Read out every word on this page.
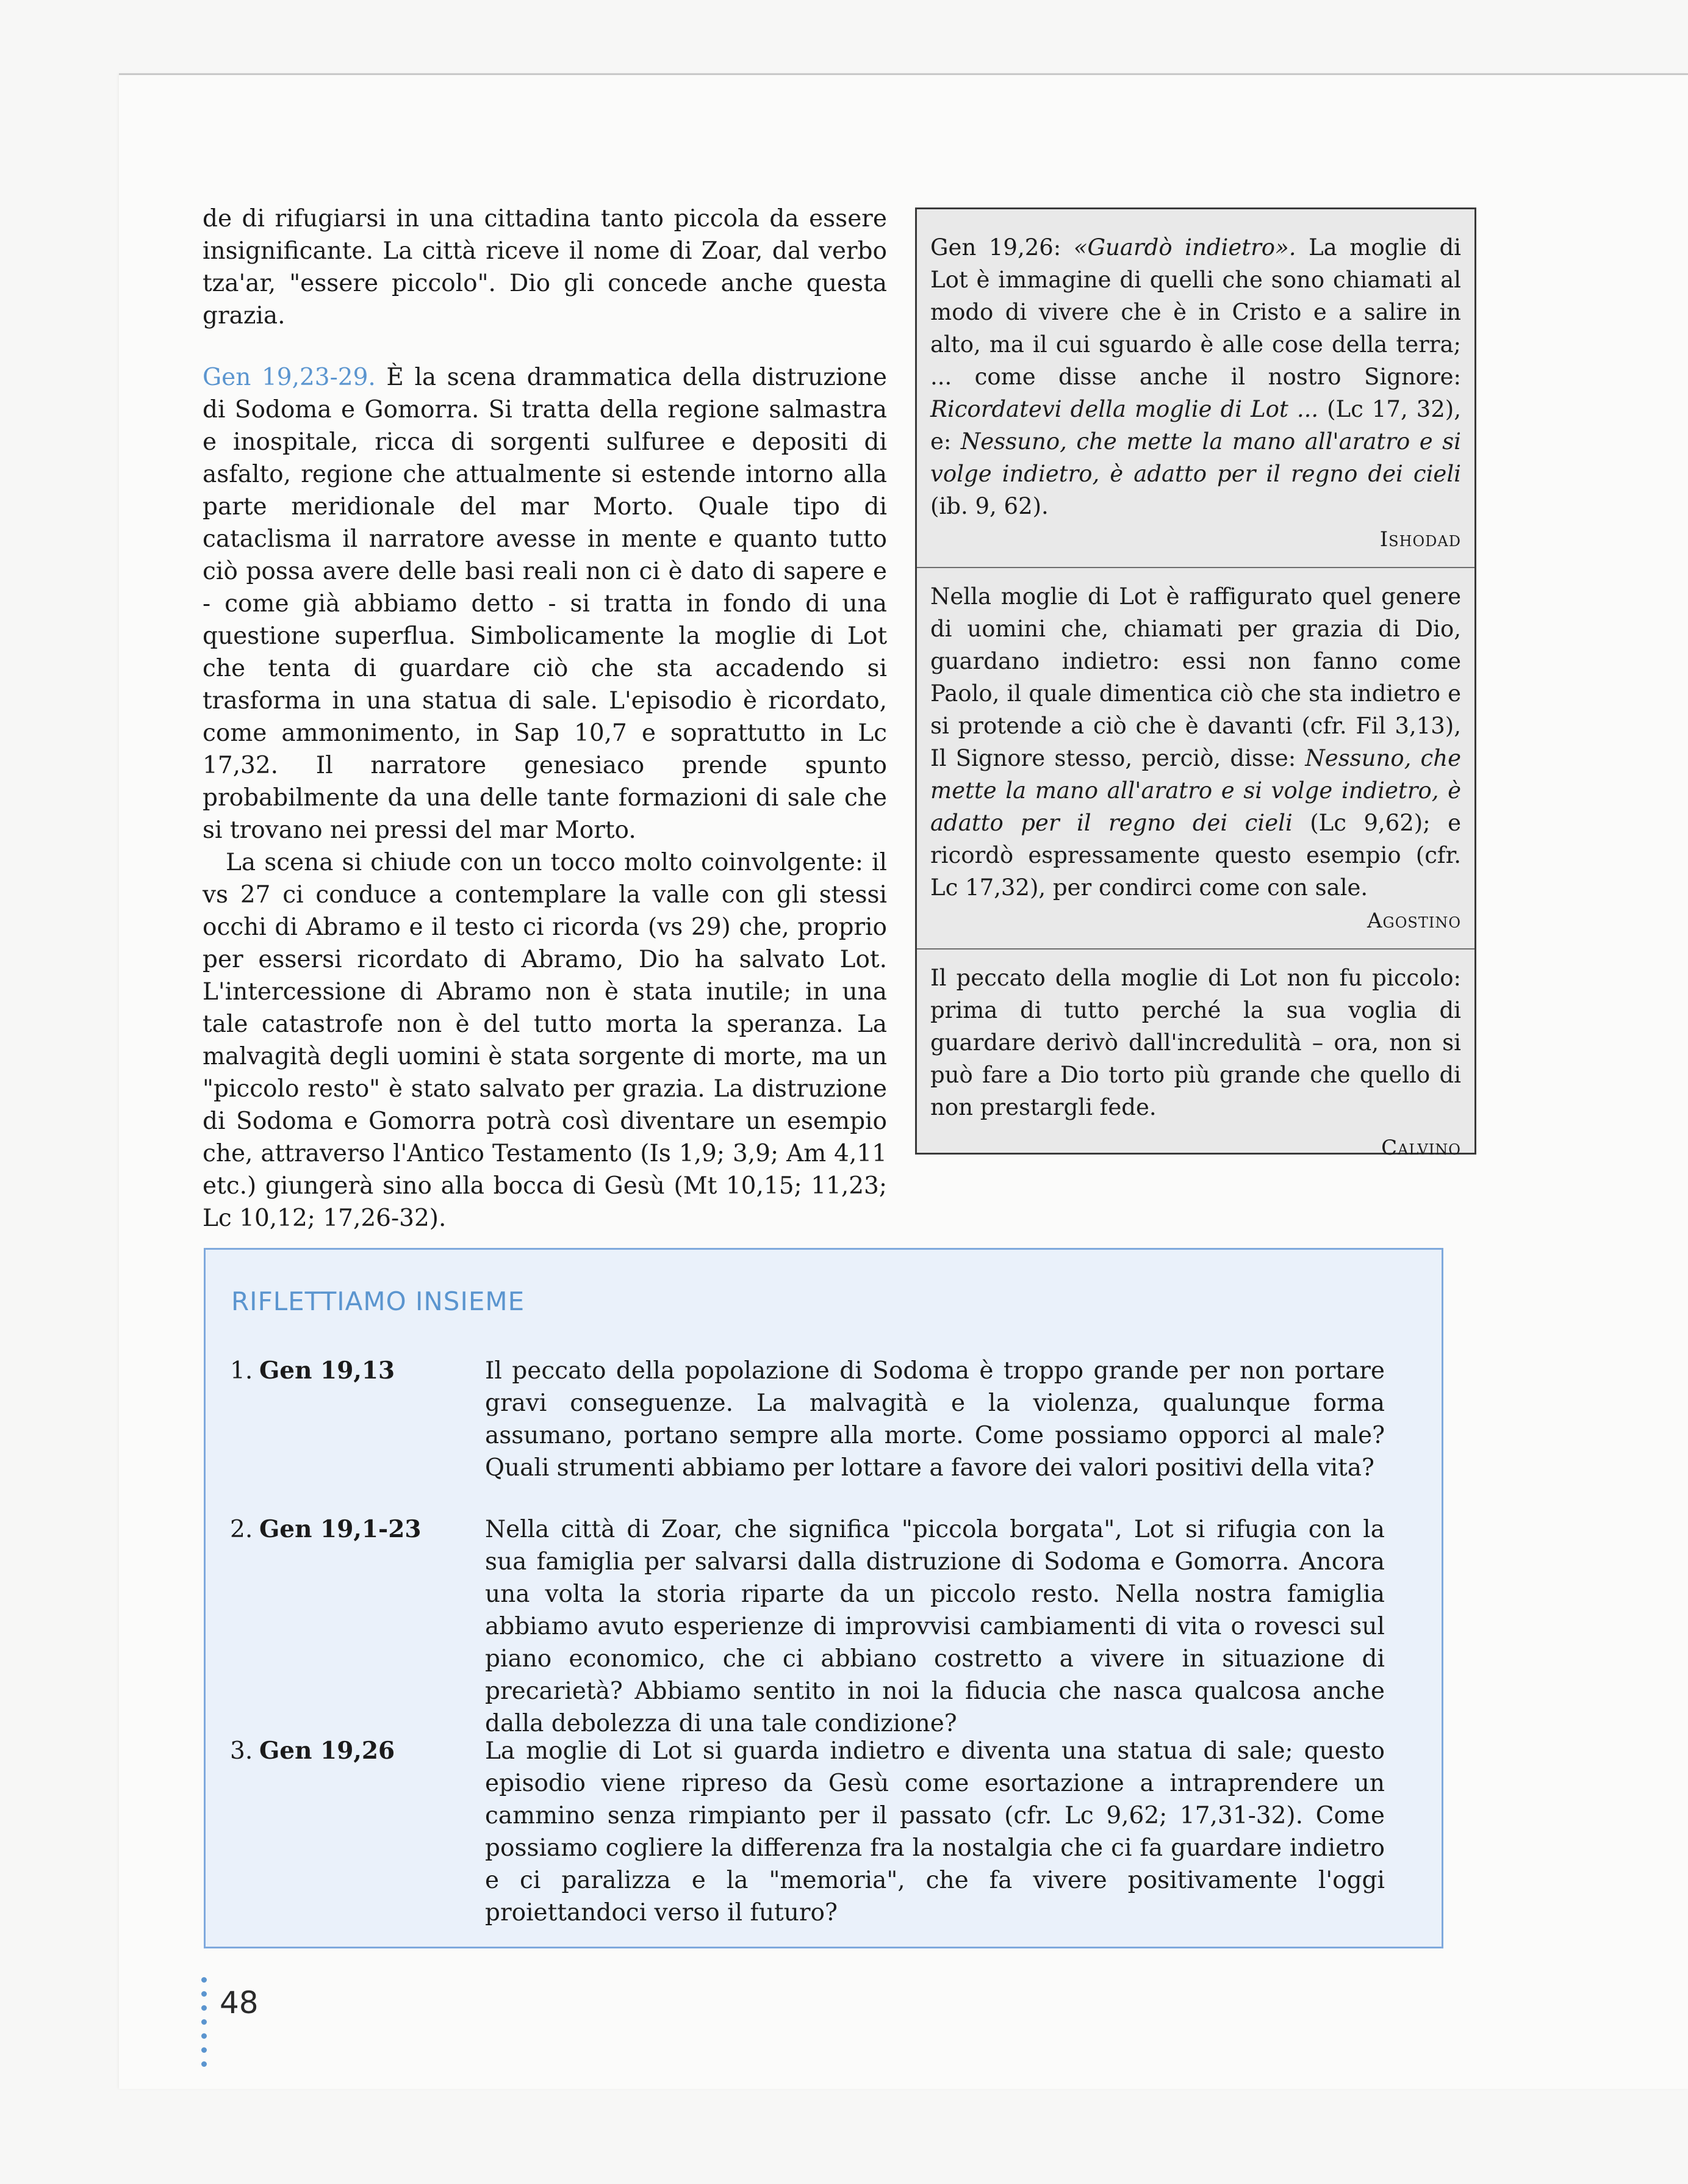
de di rifugiarsi in una cittadina tanto piccola da essere insignificante. La città riceve il nome di Zoar, dal verbo tza'ar, "essere piccolo". Dio gli concede anche questa grazia.

Gen 19,23-29. È la scena drammatica della distruzione di Sodoma e Gomorra. Si tratta della regione salmastra e inospitale, ricca di sorgenti sulfuree e depositi di asfalto, regione che attualmente si estende intorno alla parte meridionale del mar Morto. Quale tipo di cataclisma il narratore avesse in mente e quanto tutto ciò possa avere delle basi reali non ci è dato di sapere e - come già abbiamo detto - si tratta in fondo di una questione superflua. Simbolicamente la moglie di Lot che tenta di guardare ciò che sta accadendo si trasforma in una statua di sale. L'episodio è ricordato, come ammonimento, in Sap 10,7 e soprattutto in Lc 17,32. Il narratore genesiaco prende spunto probabilmente da una delle tante formazioni di sale che si trovano nei pressi del mar Morto.

La scena si chiude con un tocco molto coinvolgente: il vs 27 ci conduce a contemplare la valle con gli stessi occhi di Abramo e il testo ci ricorda (vs 29) che, proprio per essersi ricordato di Abramo, Dio ha salvato Lot. L'intercessione di Abramo non è stata inutile; in una tale catastrofe non è del tutto morta la speranza. La malvagità degli uomini è stata sorgente di morte, ma un "piccolo resto" è stato salvato per grazia. La distruzione di Sodoma e Gomorra potrà così diventare un esempio che, attraverso l'Antico Testamento (Is 1,9; 3,9; Am 4,11 etc.) giungerà sino alla bocca di Gesù (Mt 10,15; 11,23; Lc 10,12; 17,26-32).

Gen 19,26: «Guardò indietro». La moglie di Lot è immagine di quelli che sono chiamati al modo di vivere che è in Cristo e a salire in alto, ma il cui sguardo è alle cose della terra; ... come disse anche il nostro Signore: Ricordatevi della moglie di Lot ... (Lc 17, 32), e: Nessuno, che mette la mano all'aratro e si volge indietro, è adatto per il regno dei cieli (ib. 9, 62).

Ishodad

Nella moglie di Lot è raffigurato quel genere di uomini che, chiamati per grazia di Dio, guardano indietro: essi non fanno come Paolo, il quale dimentica ciò che sta indietro e si protende a ciò che è davanti (cfr. Fil 3,13), Il Signore stesso, perciò, disse: Nessuno, che mette la mano all'aratro e si volge indietro, è adatto per il regno dei cieli (Lc 9,62); e ricordò espressamente questo esempio (cfr. Lc 17,32), per condirci come con sale.

Agostino

Il peccato della moglie di Lot non fu piccolo: prima di tutto perché la sua voglia di guardare derivò dall'incredulità – ora, non si può fare a Dio torto più grande che quello di non prestargli fede.

Calvino

RIFLETTIAMO INSIEME
1. Gen 19,13	Il peccato della popolazione di Sodoma è troppo grande per non portare gravi conseguenze. La malvagità e la violenza, qualunque forma assumano, portano sempre alla morte. Come possiamo opporci al male? Quali strumenti abbiamo per lottare a favore dei valori positivi della vita?
2. Gen 19,1-23	Nella città di Zoar, che significa "piccola borgata", Lot si rifugia con la sua famiglia per salvarsi dalla distruzione di Sodoma e Gomorra. Ancora una volta la storia riparte da un piccolo resto. Nella nostra famiglia abbiamo avuto esperienze di improvvisi cambiamenti di vita o rovesci sul piano economico, che ci abbiano costretto a vivere in situazione di precarietà? Abbiamo sentito in noi la fiducia che nasca qualcosa anche dalla debolezza di una tale condizione?
3. Gen 19,26	La moglie di Lot si guarda indietro e diventa una statua di sale; questo episodio viene ripreso da Gesù come esortazione a intraprendere un cammino senza rimpianto per il passato (cfr. Lc 9,62; 17,31-32). Come possiamo cogliere la differenza fra la nostalgia che ci fa guardare indietro e ci paralizza e la "memoria", che fa vivere positivamente l'oggi proiettandoci verso il futuro?
48
